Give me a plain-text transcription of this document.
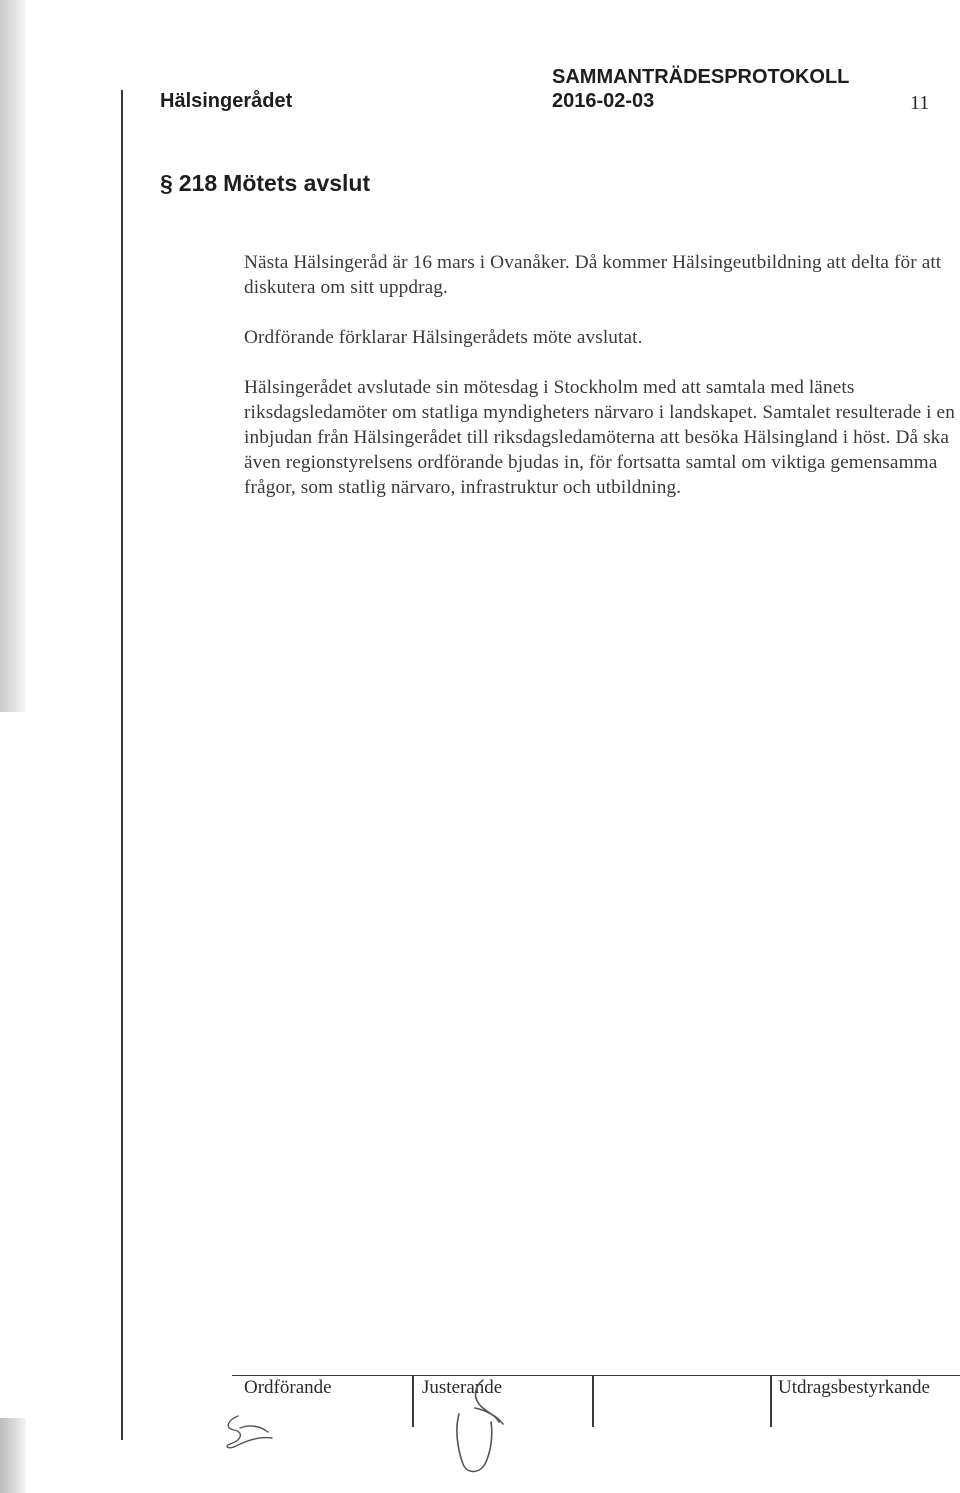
SAMMANTRÄDESPROTOKOLL
Hälsingerådet	2016-02-03	11
§ 218 Mötets avslut

Nästa Hälsingeråd är 16 mars i Ovanåker. Då kommer Hälsingeutbildning att delta för att diskutera om sitt uppdrag.

Ordförande förklarar Hälsingerådets möte avslutat.

Hälsingerådet avslutade sin mötesdag i Stockholm med att samtala med länets riksdagsledamöter om statliga myndigheters närvaro i landskapet. Samtalet resulterade i en inbjudan från Hälsingerådet till riksdagsledamöterna att besöka Hälsingland i höst. Då ska även regionstyrelsens ordförande bjudas in, för fortsatta samtal om viktiga gemensamma frågor, som statlig närvaro, infrastruktur och utbildning.

Ordförande	Justerande	Utdragsbestyrkande
